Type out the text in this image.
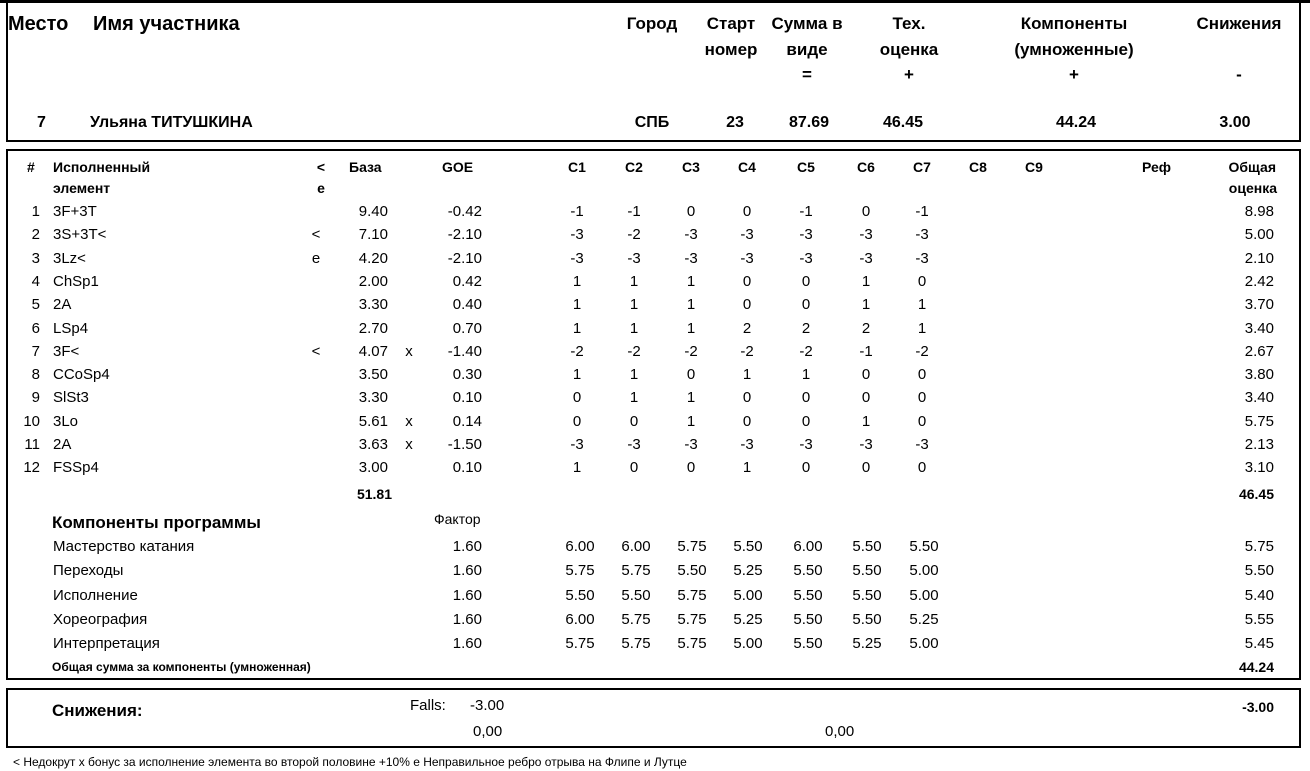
Место Имя участника	Город	Старт
номер
Сумма в
виде
=
Тех.
оценка
+
Компоненты
(умноженные)
+
Снижения
-
7	Ульяна ТИТУШКИНА	СПБ	23	87.69	46.45	44.24	3.00
# Исполненный
элемент
<
е
База	GOE	C1	C2	C3	C4	C5	C6	C7	C8	C9	Реф	Общая
оценка
1 3F+3T	9.40	-0.42	-1	-1	0	0	-1	0	-1	8.98
2 3S+3T<	<	7.10	-2.10	-3	-2	-3	-3	-3	-3	-3	5.00
3 3Lz<	e	4.20	-2.10	-3	-3	-3	-3	-3	-3	-3	2.10
4 ChSp1	2.00	0.42	1	1	1	0	0	1	0	2.42
5 2A	3.30	0.40	1	1	1	0	0	1	1	3.70
6 LSp4	2.70	0.70	1	1	1	2	2	2	1	3.40
7 3F<	<	4.07	x	-1.40	-2	-2	-2	-2	-2	-1	-2	2.67
8 CCoSp4	3.50	0.30	1	1	0	1	1	0	0	3.80
9 SlSt3	3.30	0.10	0	1	1	0	0	0	0	3.40
10 3Lo	5.61	x	0.14	0	0	1	0	0	1	0	5.75
11 2A	3.63	x	-1.50	-3	-3	-3	-3	-3	-3	-3	2.13
12 FSSp4	3.00	0.10	1	0	0	1	0	0	0	3.10
51.81	46.45
Компоненты программы	Фактор
Мастерство катания	1.60	6.00	6.00	5.75	5.50	6.00	5.50	5.50	5.75
Переходы	1.60	5.75	5.75	5.50	5.25	5.50	5.50	5.00	5.50
Исполнение	1.60	5.50	5.50	5.75	5.00	5.50	5.50	5.00	5.40
Хореография	1.60	6.00	5.75	5.75	5.25	5.50	5.50	5.25	5.55
Интерпретация	1.60	5.75	5.75	5.75	5.00	5.50	5.25	5.00	5.45
Общая сумма за компоненты (умноженная)	44.24
Снижения:	Falls: -3.00
0,00	0,00
-3.00
< Недокрут x бонус за исполнение элемента во второй половине +10% е Неправильное ребро отрыва на Флипе и Лутце
